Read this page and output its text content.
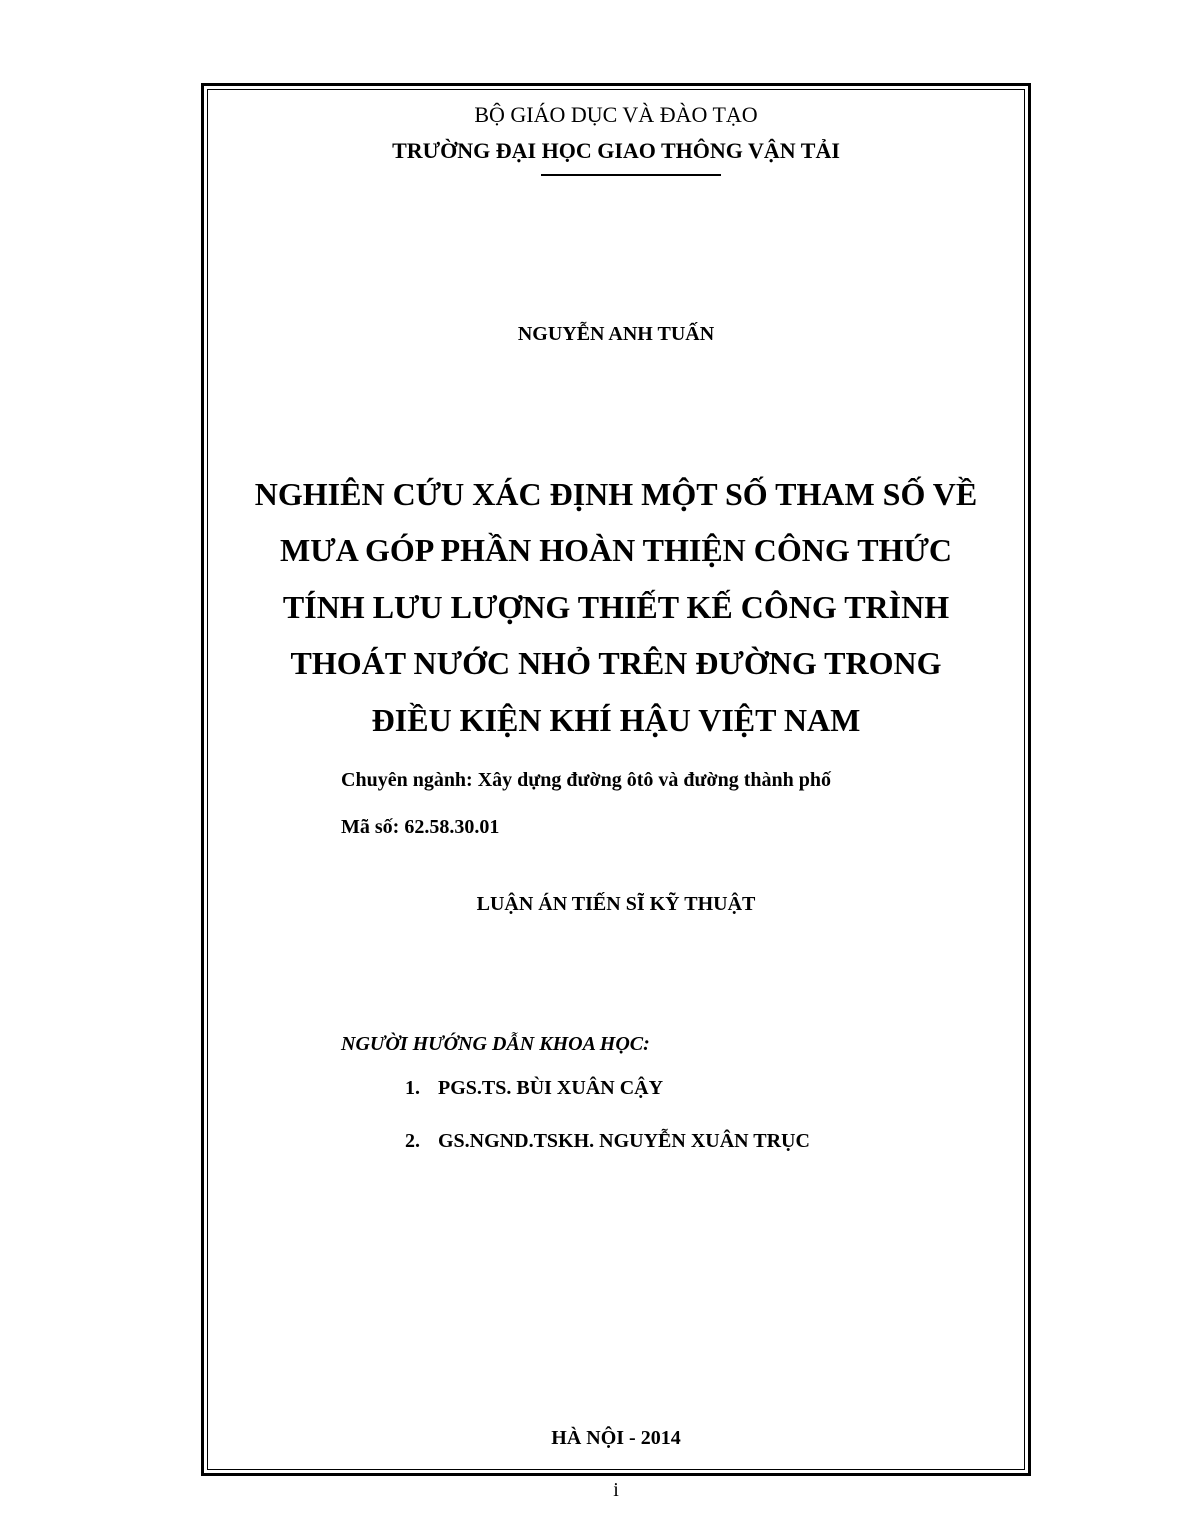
BỘ GIÁO DỤC VÀ ĐÀO TẠO
TRƯỜNG ĐẠI HỌC GIAO THÔNG VẬN TẢI
NGUYỄN ANH TUẤN
NGHIÊN CỨU XÁC ĐỊNH MỘT SỐ THAM SỐ VỀ
MƯA GÓP PHẦN HOÀN THIỆN CÔNG THỨC
TÍNH LƯU LƯỢNG THIẾT KẾ CÔNG TRÌNH
THOÁT NƯỚC NHỎ TRÊN ĐƯỜNG TRONG
ĐIỀU KIỆN KHÍ HẬU VIỆT NAM
Chuyên ngành: Xây dựng đường ôtô và đường thành phố
Mã số: 62.58.30.01
LUẬN ÁN TIẾN SĨ KỸ THUẬT
NGƯỜI HƯỚNG DẪN KHOA HỌC:
1. PGS.TS. BÙI XUÂN CẬY
2. GS.NGND.TSKH. NGUYỄN XUÂN TRỤC
HÀ NỘI - 2014
i
